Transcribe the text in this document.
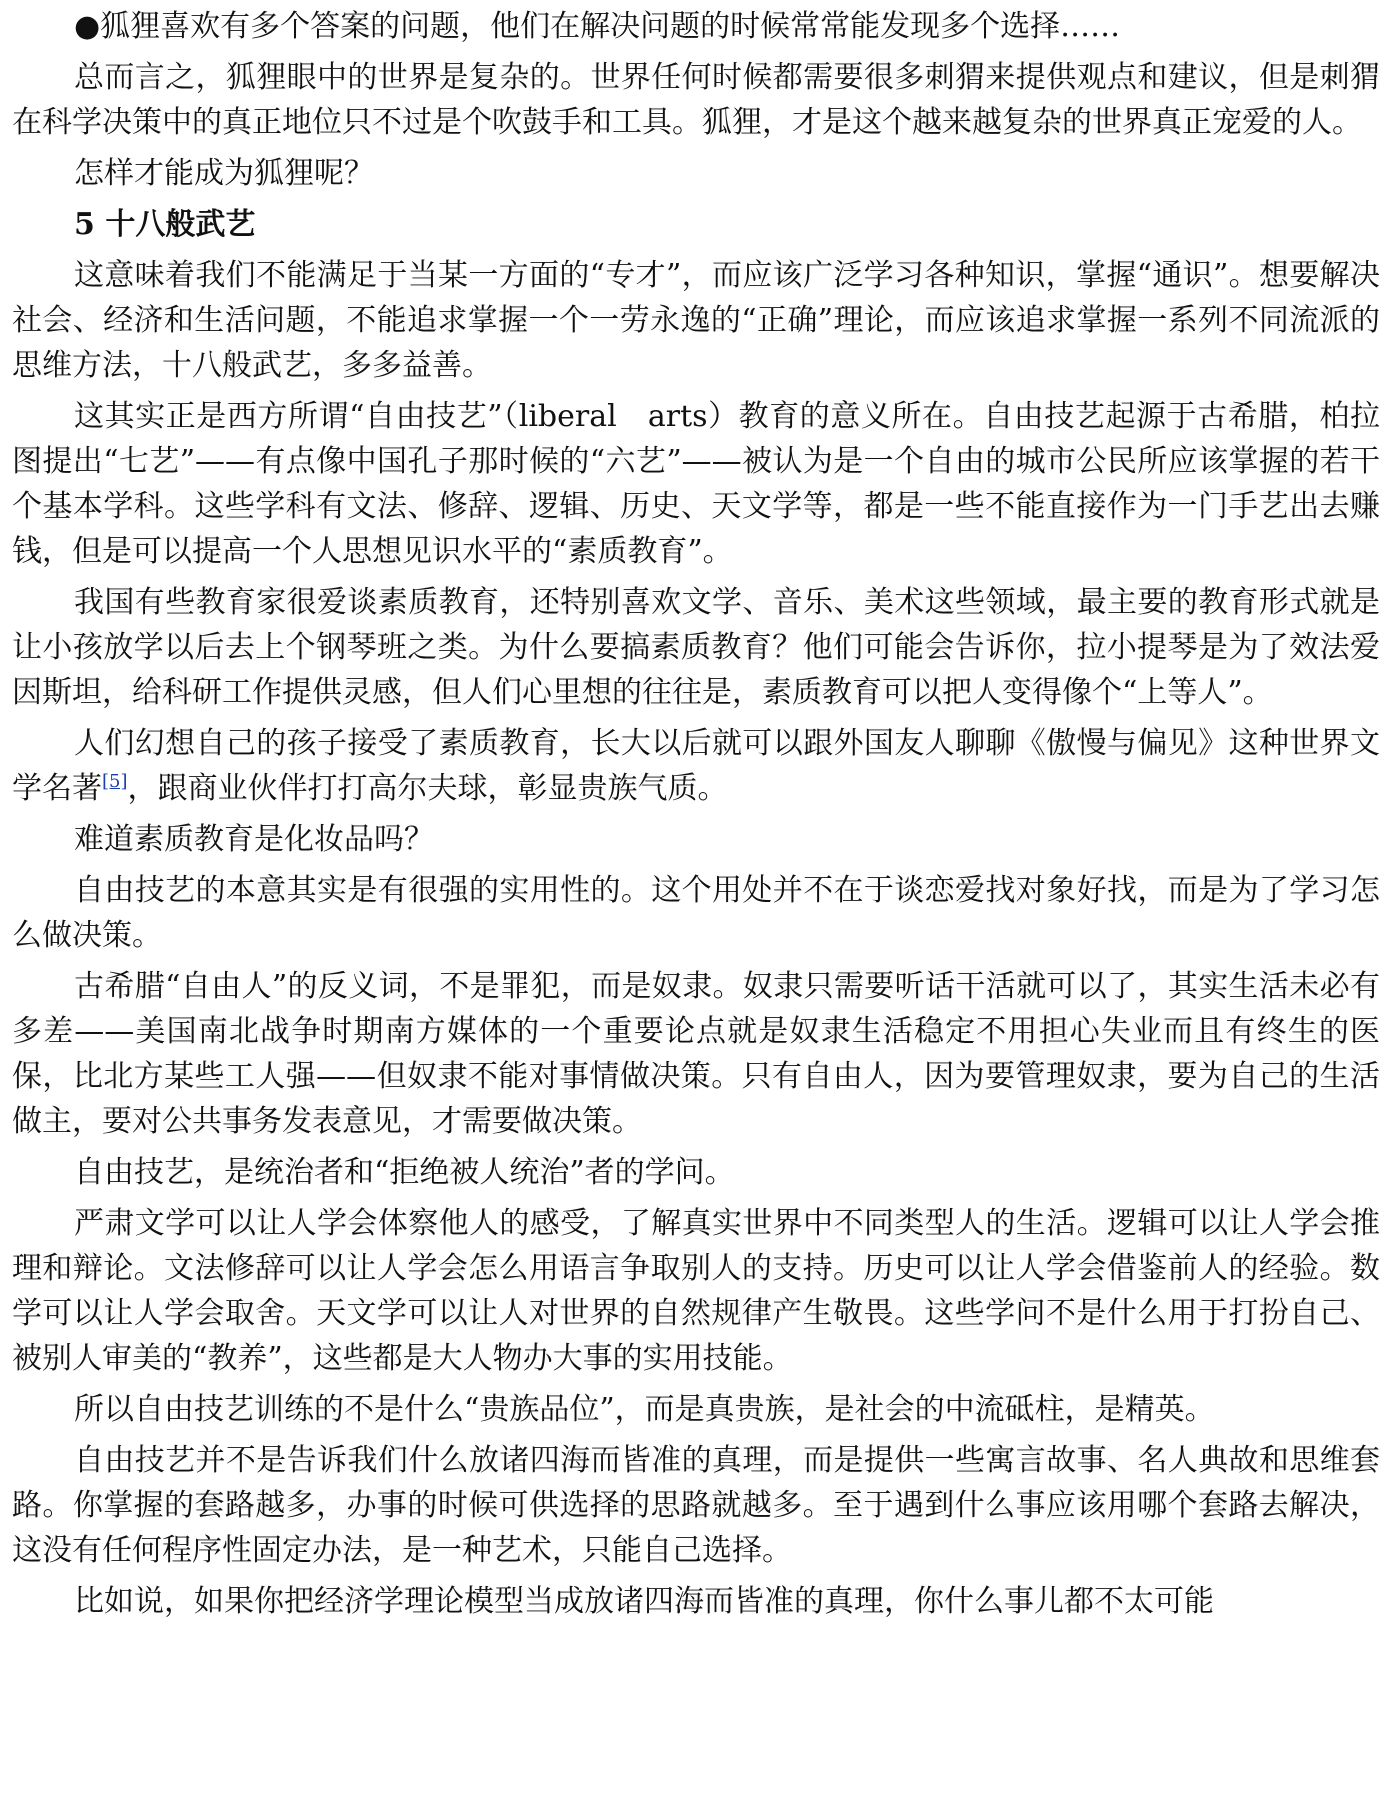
●狐狸喜欢有多个答案的问题，他们在解决问题的时候常常能发现多个选择……

总而言之，狐狸眼中的世界是复杂的。世界任何时候都需要很多刺猬来提供观点和建议，但是刺猬在科学决策中的真正地位只不过是个吹鼓手和工具。狐狸，才是这个越来越复杂的世界真正宠爱的人。

怎样才能成为狐狸呢？

5 十八般武艺

这意味着我们不能满足于当某一方面的“专才”，而应该广泛学习各种知识，掌握“通识”。想要解决社会、经济和生活问题，不能追求掌握一个一劳永逸的“正确”理论，而应该追求掌握一系列不同流派的思维方法，十八般武艺，多多益善。

这其实正是西方所谓“自由技艺”（liberal　arts）教育的意义所在。自由技艺起源于古希腊，柏拉图提出“七艺”——有点像中国孔子那时候的“六艺”——被认为是一个自由的城市公民所应该掌握的若干个基本学科。这些学科有文法、修辞、逻辑、历史、天文学等，都是一些不能直接作为一门手艺出去赚钱，但是可以提高一个人思想见识水平的“素质教育”。

我国有些教育家很爱谈素质教育，还特别喜欢文学、音乐、美术这些领域，最主要的教育形式就是让小孩放学以后去上个钢琴班之类。为什么要搞素质教育？他们可能会告诉你，拉小提琴是为了效法爱因斯坦，给科研工作提供灵感，但人们心里想的往往是，素质教育可以把人变得像个“上等人”。

人们幻想自己的孩子接受了素质教育，长大以后就可以跟外国友人聊聊《傲慢与偏见》这种世界文学名著[5]，跟商业伙伴打打高尔夫球，彰显贵族气质。

难道素质教育是化妆品吗？

自由技艺的本意其实是有很强的实用性的。这个用处并不在于谈恋爱找对象好找，而是为了学习怎么做决策。

古希腊“自由人”的反义词，不是罪犯，而是奴隶。奴隶只需要听话干活就可以了，其实生活未必有多差——美国南北战争时期南方媒体的一个重要论点就是奴隶生活稳定不用担心失业而且有终生的医保，比北方某些工人强——但奴隶不能对事情做决策。只有自由人，因为要管理奴隶，要为自己的生活做主，要对公共事务发表意见，才需要做决策。

自由技艺，是统治者和“拒绝被人统治”者的学问。

严肃文学可以让人学会体察他人的感受，了解真实世界中不同类型人的生活。逻辑可以让人学会推理和辩论。文法修辞可以让人学会怎么用语言争取别人的支持。历史可以让人学会借鉴前人的经验。数学可以让人学会取舍。天文学可以让人对世界的自然规律产生敬畏。这些学问不是什么用于打扮自己、被别人审美的“教养”，这些都是大人物办大事的实用技能。

所以自由技艺训练的不是什么“贵族品位”，而是真贵族，是社会的中流砥柱，是精英。

自由技艺并不是告诉我们什么放诸四海而皆准的真理，而是提供一些寓言故事、名人典故和思维套路。你掌握的套路越多，办事的时候可供选择的思路就越多。至于遇到什么事应该用哪个套路去解决，这没有任何程序性固定办法，是一种艺术，只能自己选择。

比如说，如果你把经济学理论模型当成放诸四海而皆准的真理，你什么事儿都不太可能
